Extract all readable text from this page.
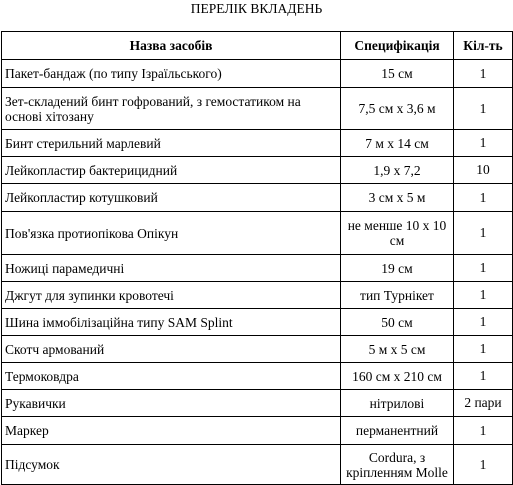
ПЕРЕЛІК ВКЛАДЕНЬ
Назва засобів	Специфікація	Кіл-ть
Пакет-бандаж (по типу Ізраїльського)	15 см	1
Зет-складений бинт гофрований, з гемостатиком на основі хітозану	7,5 см х 3,6 м	1
Бинт стерильний марлевий	7 м х 14 см	1
Лейкопластир бактерицидний	1,9 х 7,2	10
Лейкопластир котушковий	3 см х 5 м	1
Пов'язка протиопікова Опікун	не менше 10 х 10 см	1
Ножиці парамедичні	19 см	1
Джгут для зупинки кровотечі	тип Турнікет	1
Шина іммобілізаційна типу SAM Splint	50 см	1
Скотч армований	5 м х 5 см	1
Термоковдра	160 см х 210 см	1
Рукавички	нітрилові	2 пари
Маркер	перманентний	1
Підсумок	Cordura, з кріпленням Molle	1
